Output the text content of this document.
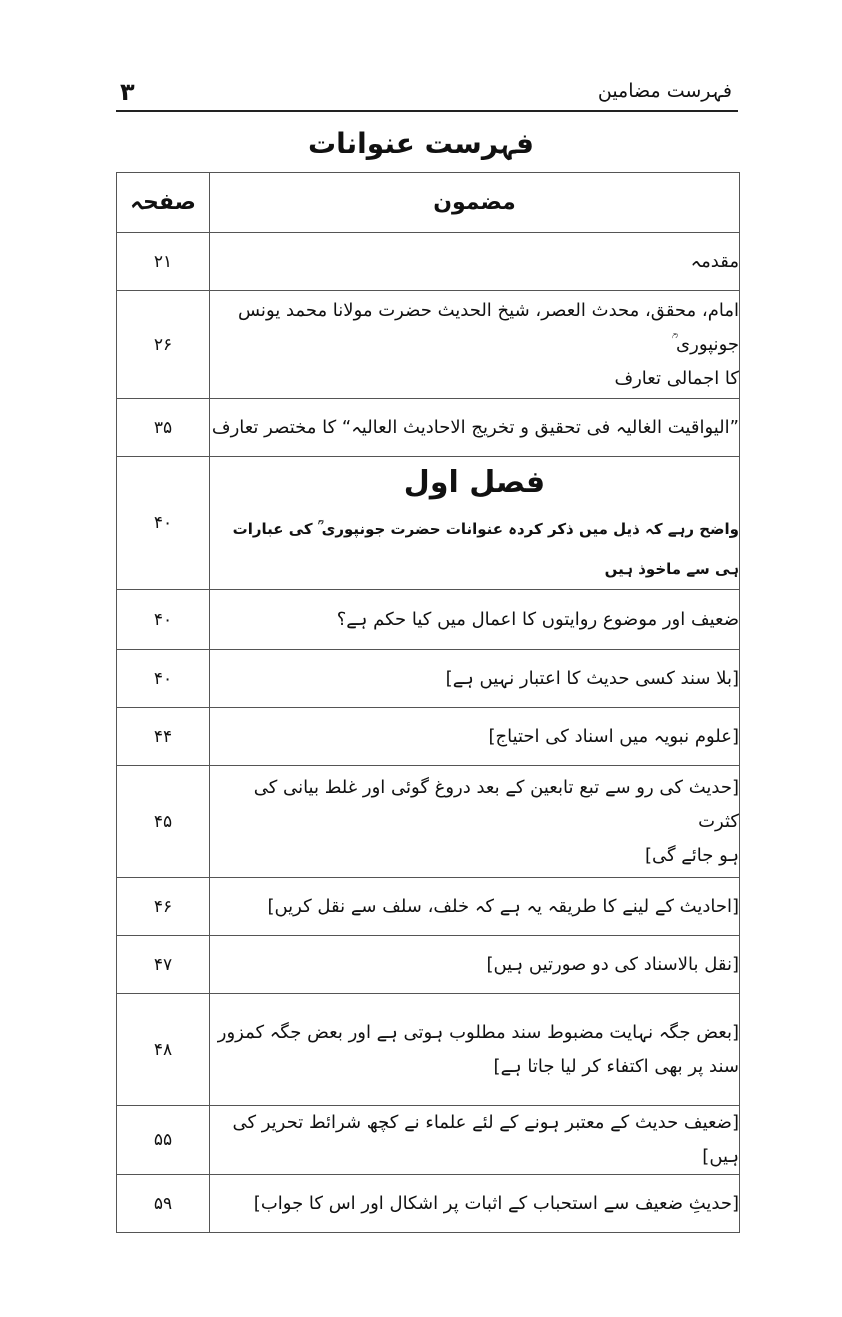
۳	فہرست مضامین
فہرست عنوانات
صفحہ	مضمون
۲۱	مقدمہ

۲۶	امام، محقق، محدث العصر، شیخ الحدیث حضرت مولانا محمد یونس جونپوری ؒ
کا اجمالی تعارف

۳۵	”الیواقیت الغالیہ فی تحقیق و تخریج الاحادیث العالیہ“ کا مختصر تعارف

۴۰	فصل اول
واضح رہے کہ ذیل میں ذکر کردہ عنوانات حضرت جونپوری ؒ کی عبارات ہی سے ماخوذ ہیں

۴۰	ضعیف اور موضوع روایتوں کا اعمال میں کیا حکم ہے؟

۴۰	[بلا سند کسی حدیث کا اعتبار نہیں ہے]

۴۴	[علوم نبویہ میں اسناد کی احتیاج]

۴۵	[حدیث کی رو سے تبع تابعین کے بعد دروغ گوئی اور غلط بیانی کی کثرت
ہو جائے گی]

۴۶	[احادیث کے لینے کا طریقہ یہ ہے کہ خلف، سلف سے نقل کریں]

۴۷	[نقل بالاسناد کی دو صورتیں ہیں]

۴۸	[بعض جگہ نہایت مضبوط سند مطلوب ہوتی ہے اور بعض جگہ کمزور
سند پر بھی اکتفاء کر لیا جاتا ہے]

۵۵	[ضعیف حدیث کے معتبر ہونے کے لئے علماء نے کچھ شرائط تحریر کی ہیں]

۵۹	[حدیثِ ضعیف سے استحباب کے اثبات پر اشکال اور اس کا جواب]
